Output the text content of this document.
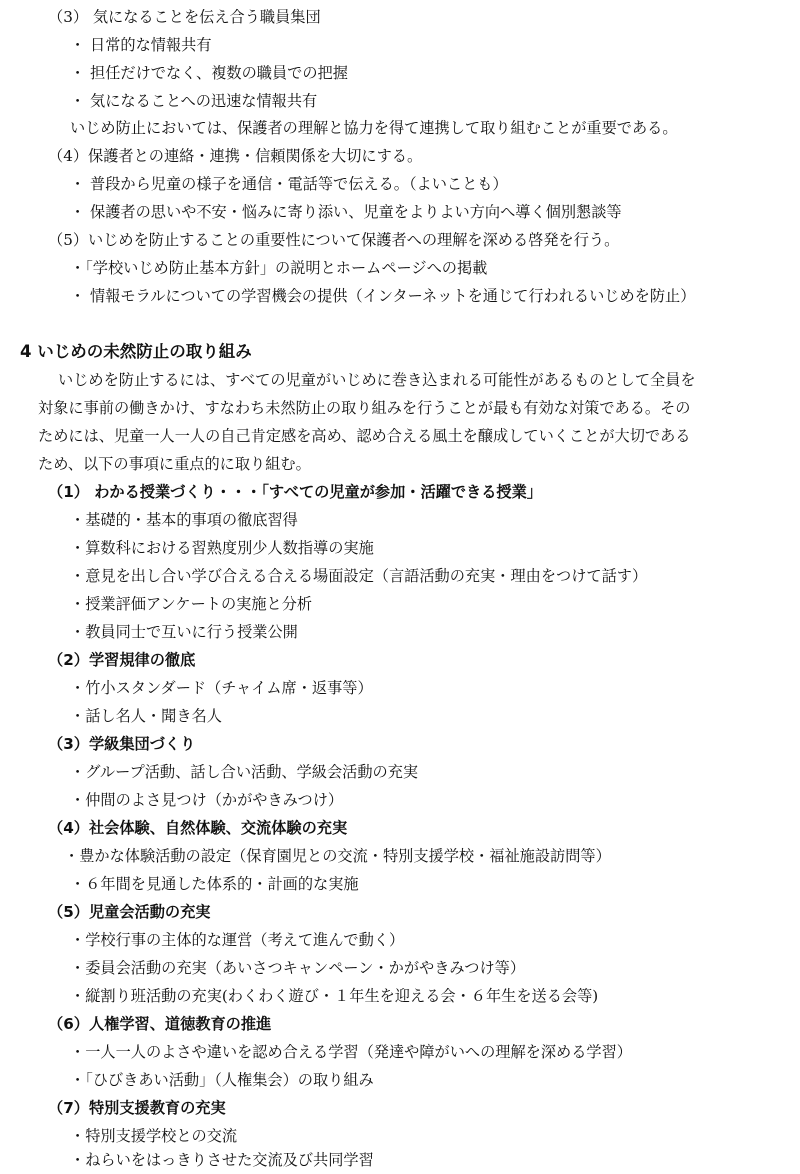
（3） 気になることを伝え合う職員集団
・ 日常的な情報共有
・ 担任だけでなく、複数の職員での把握
・ 気になることへの迅速な情報共有
いじめ防止においては、保護者の理解と協力を得て連携して取り組むことが重要である。
（4）保護者との連絡・連携・信頼関係を大切にする。
・ 普段から児童の様子を通信・電話等で伝える。（よいことも）
・ 保護者の思いや不安・悩みに寄り添い、児童をよりよい方向へ導く個別懇談等
（5）いじめを防止することの重要性について保護者への理解を深める啓発を行う。
・「学校いじめ防止基本方針」の説明とホームページへの掲載
・ 情報モラルについての学習機会の提供（インターネットを通じて行われるいじめを防止）
4 いじめの未然防止の取り組み
いじめを防止するには、すべての児童がいじめに巻き込まれる可能性があるものとして全員を
対象に事前の働きかけ、すなわち未然防止の取り組みを行うことが最も有効な対策である。その
ためには、児童一人一人の自己肯定感を高め、認め合える風土を醸成していくことが大切である
ため、以下の事項に重点的に取り組む。
（1） わかる授業づくり・・・「すべての児童が参加・活躍できる授業」
・基礎的・基本的事項の徹底習得
・算数科における習熟度別少人数指導の実施
・意見を出し合い学び合える合える場面設定（言語活動の充実・理由をつけて話す）
・授業評価アンケートの実施と分析
・教員同士で互いに行う授業公開
（2）学習規律の徹底
・竹小スタンダード（チャイム席・返事等）
・話し名人・聞き名人
（3）学級集団づくり
・グループ活動、話し合い活動、学級会活動の充実
・仲間のよさ見つけ（かがやきみつけ）
（4）社会体験、自然体験、交流体験の充実
・豊かな体験活動の設定（保育園児との交流・特別支援学校・福祉施設訪問等）
・６年間を見通した体系的・計画的な実施
（5）児童会活動の充実
・学校行事の主体的な運営（考えて進んで動く）
・委員会活動の充実（あいさつキャンペーン・かがやきみつけ等）
・縦割り班活動の充実(わくわく遊び・１年生を迎える会・６年生を送る会等)
（6）人権学習、道徳教育の推進
・一人一人のよさや違いを認め合える学習（発達や障がいへの理解を深める学習）
・「ひびきあい活動」（人権集会）の取り組み
（7）特別支援教育の充実
・特別支援学校との交流
・ねらいをはっきりさせた交流及び共同学習
